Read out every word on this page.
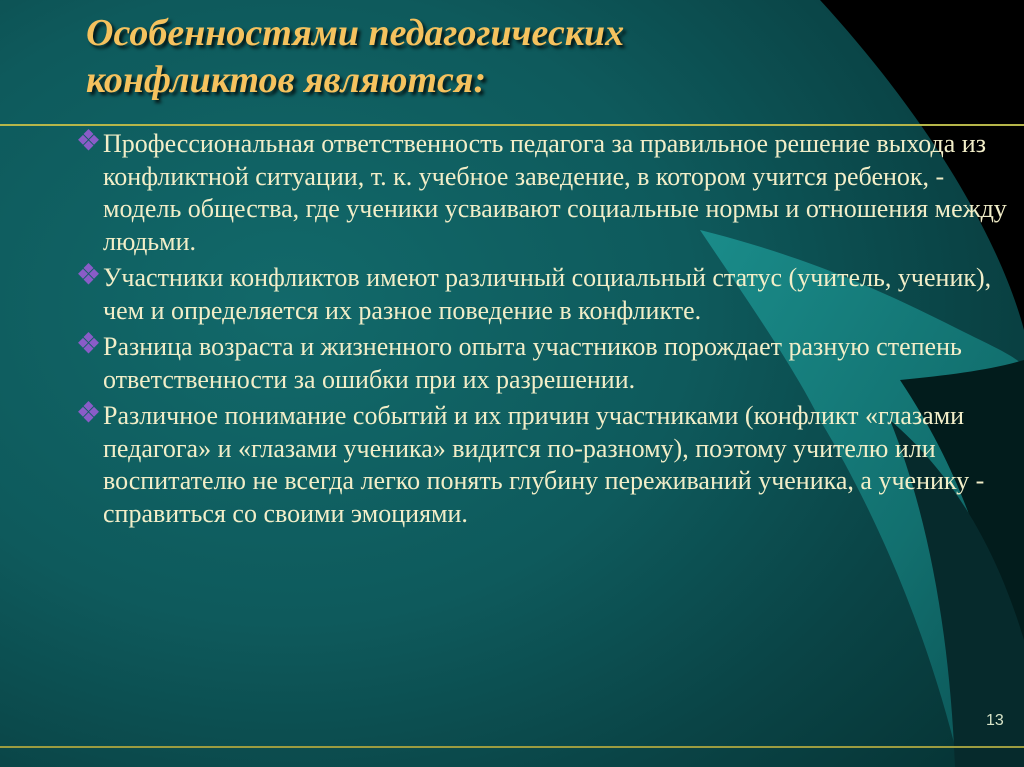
Особенностями педагогических
конфликтов являются:
Профессиональная ответственность педагога за правильное решение выхода из конфликтной ситуации, т. к. учебное заведение, в котором учится ребенок, - модель общества, где ученики усваивают социальные нормы и отношения между людьми.
Участники конфликтов имеют различный социальный статус (учитель, ученик), чем и определяется их разное поведение в конфликте.
Разница возраста и жизненного опыта участников порождает разную степень ответственности за ошибки при их разрешении.
Различное понимание событий и их причин участниками (конфликт «глазами педагога» и «глазами ученика» видится по-разному), поэтому учителю или воспитателю не всегда легко понять глубину переживаний ученика, а ученику - справиться со своими эмоциями.
13
